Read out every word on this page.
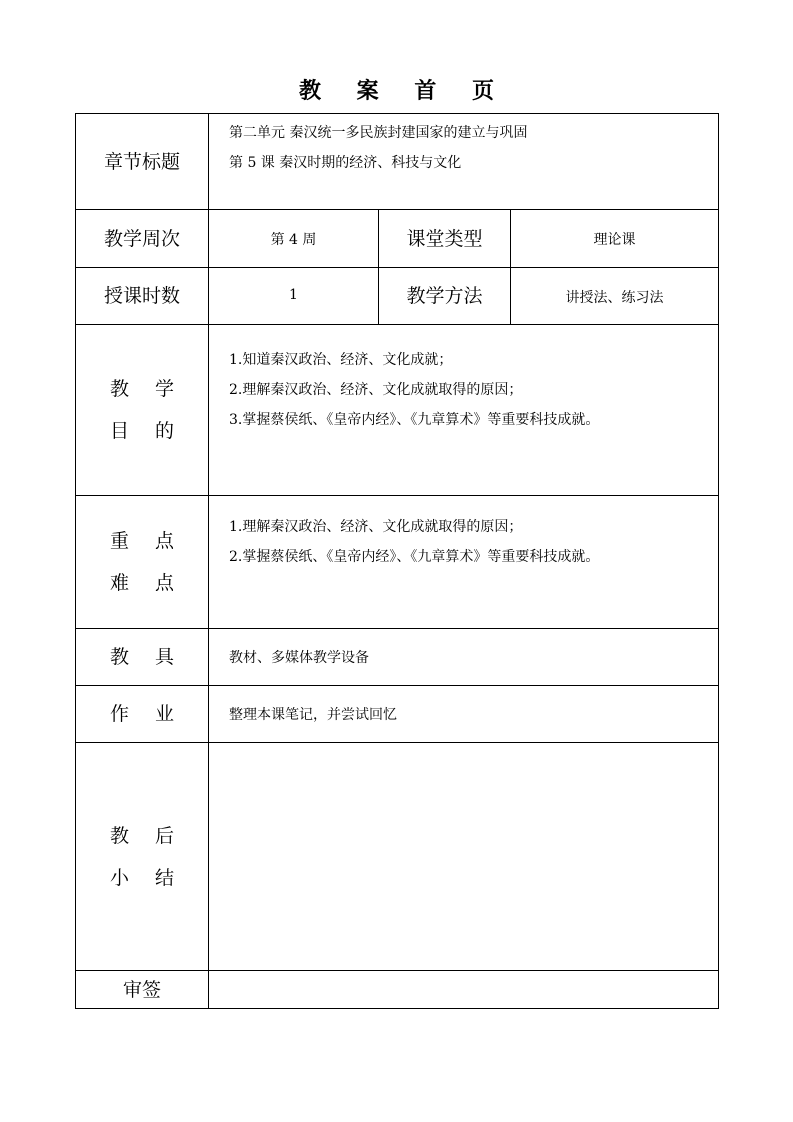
教 案 首 页
章节标题	第二单元 秦汉统一多民族封建国家的建立与巩固
第 5 课 秦汉时期的经济、科技与文化		

教学周次	第 4 周	课堂类型	理论课
授课时数	1	教学方法	讲授法、练习法

教 学
目 的	1.知道秦汉政治、经济、文化成就；
2.理解秦汉政治、经济、文化成就取得的原因；
3.掌握蔡侯纸、《皇帝内经》、《九章算术》等重要科技成就。		

重 点
难 点	1.理解秦汉政治、经济、文化成就取得的原因；
2.掌握蔡侯纸、《皇帝内经》、《九章算术》等重要科技成就。		

教 具	教材、多媒体教学设备		
作 业	整理本课笔记，并尝试回忆		

教 后
小 结			

审签			
